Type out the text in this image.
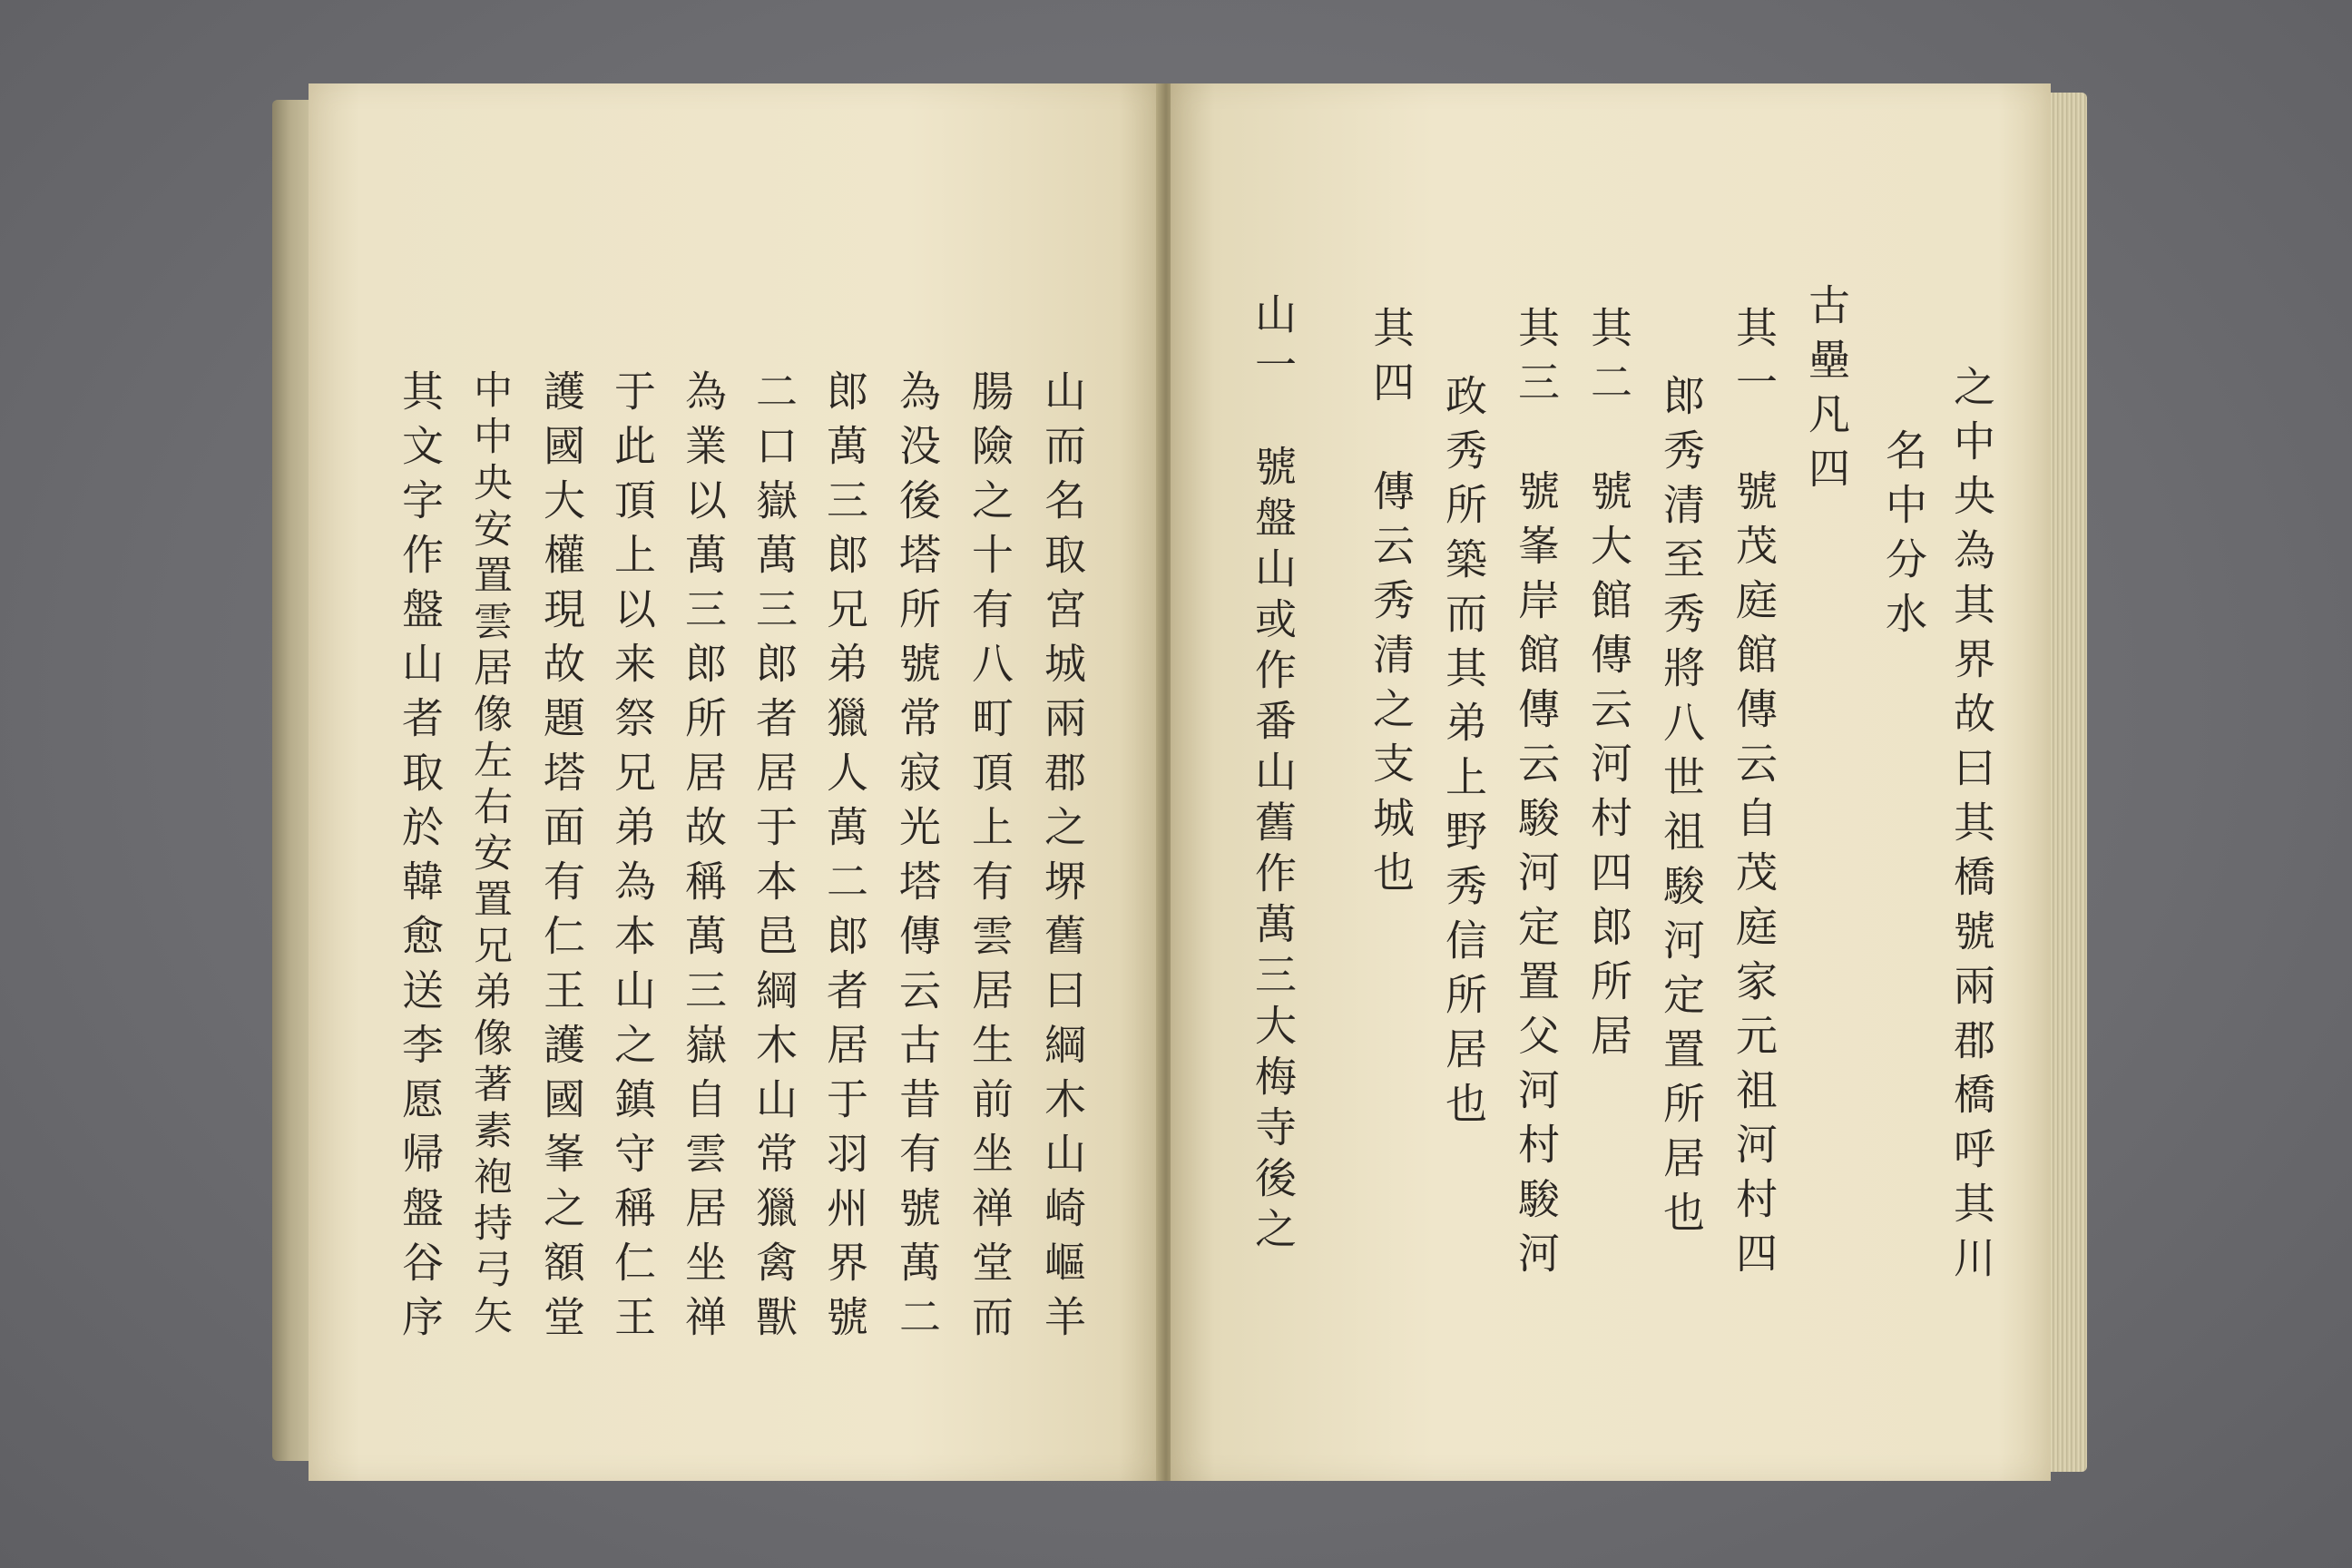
山而名取宮城兩郡之堺舊曰綱木山崎嶇羊
腸險之十有八町頂上有雲居生前坐禅堂而
為没後塔所號常寂光塔傳云古昔有號萬二
郎萬三郎兄弟獵人萬二郎者居于羽州界號
二口嶽萬三郎者居于本邑綱木山常獵禽獸
為業以萬三郎所居故稱萬三嶽自雲居坐禅
于此頂上以来祭兄弟為本山之鎮守稱仁王
護國大權現故題塔面有仁王護國峯之額堂
中中央安置雲居像左右安置兄弟像著素袍持弓矢
其文字作盤山者取於韓愈送李愿帰盤谷序	之中央為其界故曰其橋號兩郡橋呼其川
名中分水
古壘凡四
其一　號茂庭館傳云自茂庭家元祖河村四
郎秀清至秀將八世祖駿河定置所居也
其二　號大館傳云河村四郎所居
其三　號峯岸館傳云駿河定置父河村駿河
政秀所築而其弟上野秀信所居也
其四　傳云秀清之支城也
山一　號盤山或作番山舊作萬三大梅寺後之
